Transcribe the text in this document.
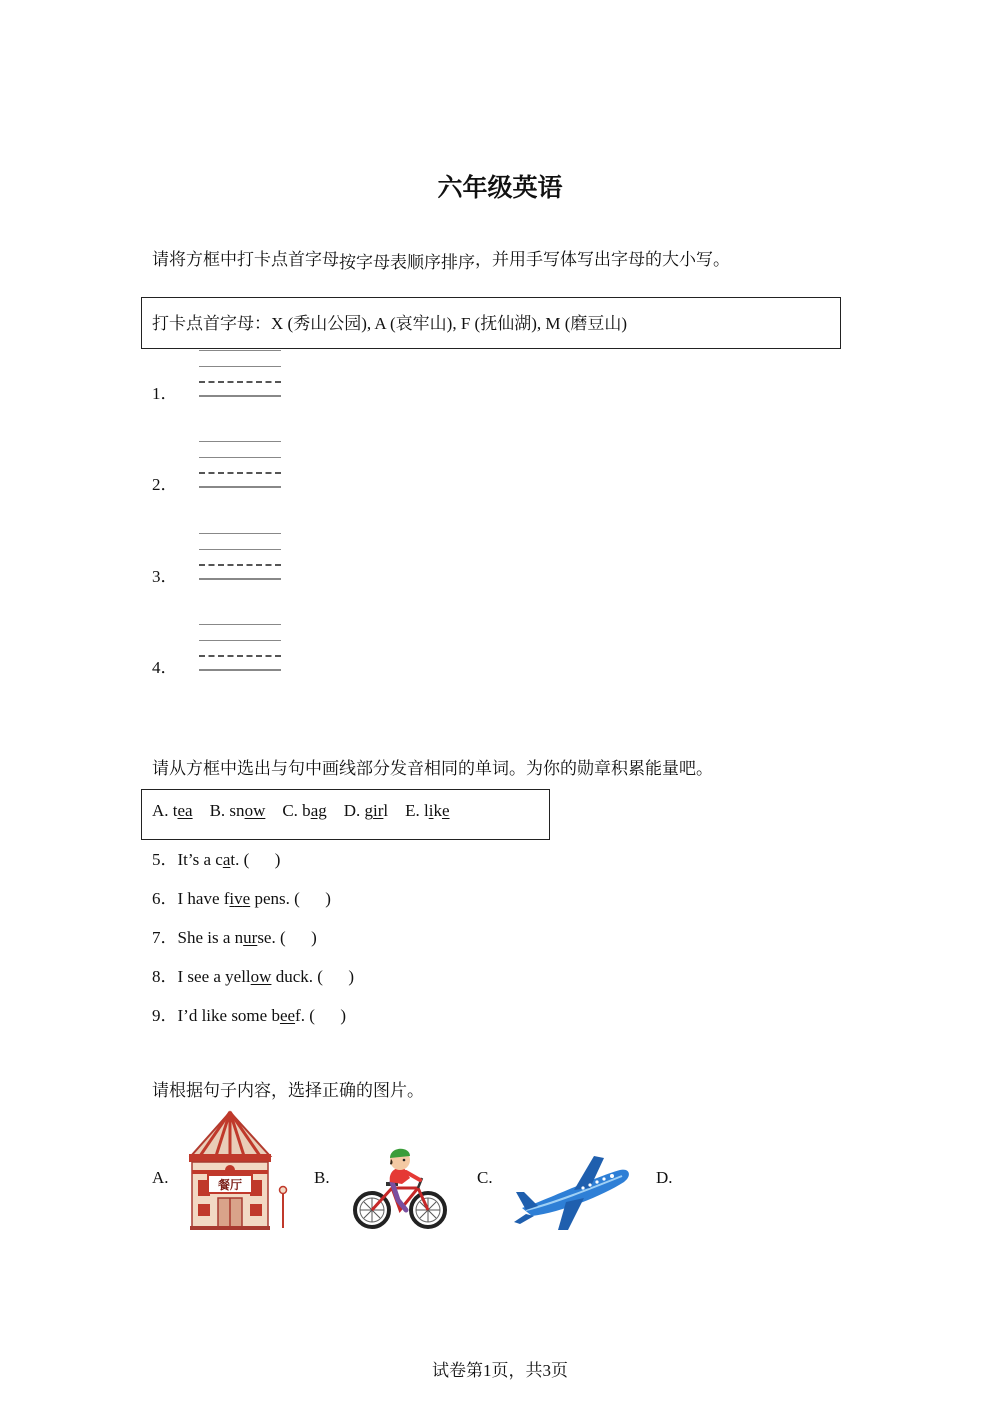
六年级英语
请将方框中打卡点首字母按字母表顺序排序，并用手写体写出字母的大小写。
打卡点首字母：X (秀山公园), A (哀牢山), F (抚仙湖), M (磨豆山)
1．
2．
3．
4．
请从方框中选出与句中画线部分发音相同的单词。为你的勋章积累能量吧。
A. tea B. snow C. bag D. girl E. like
5．It’s a cat. (      )
6．I have five pens. (      )
7．She is a nurse. (      )
8．I see a yellow duck. (      )
9．I’d like some beef. (      )
请根据句子内容，选择正确的图片。
A.	B.	C.	D.
餐厅
试卷第1页，共3页
